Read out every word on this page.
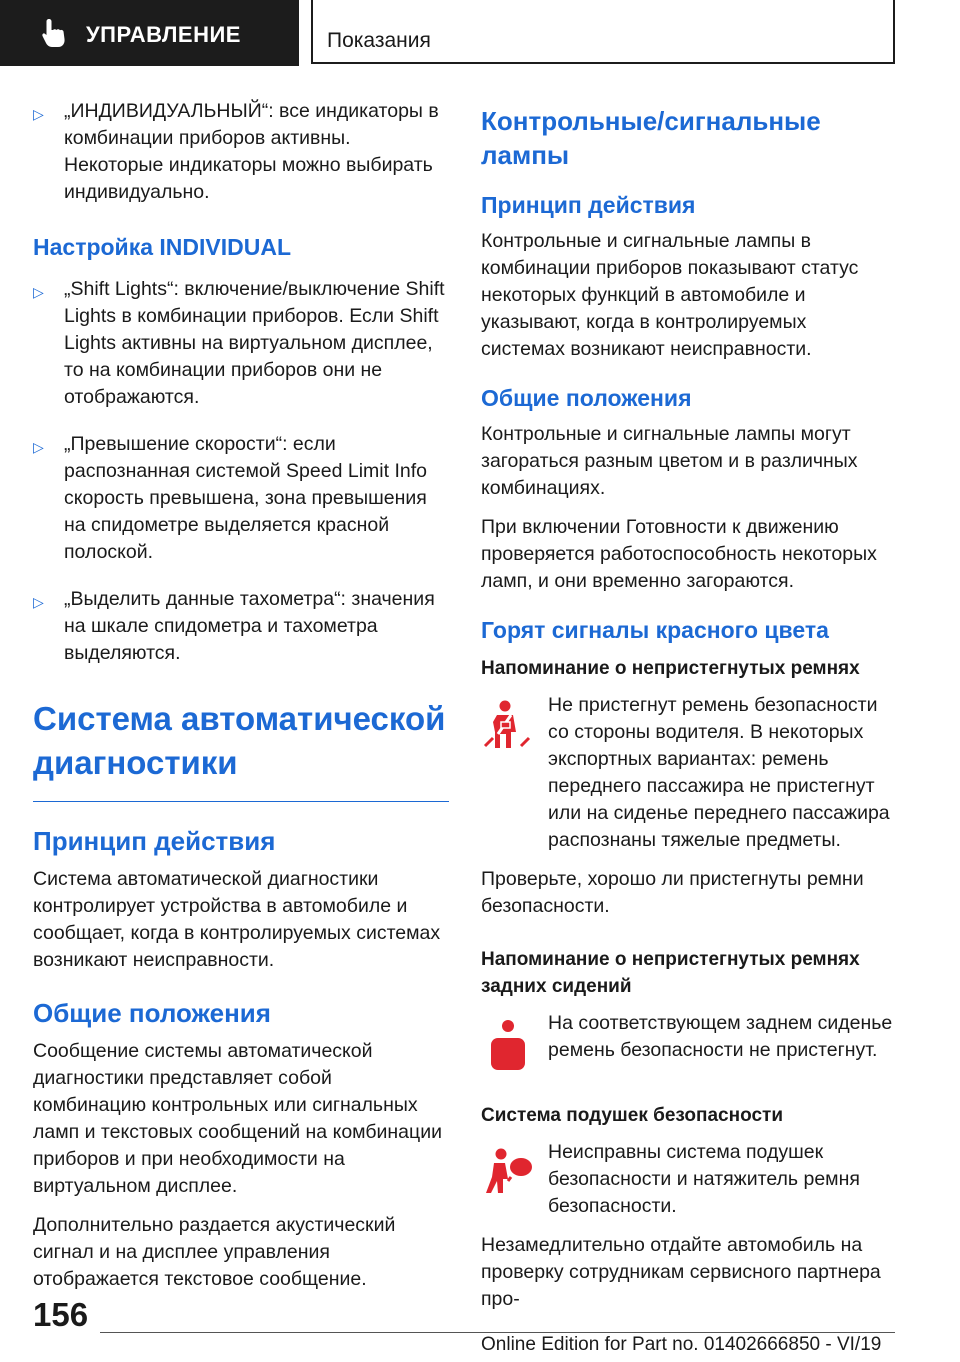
УПРАВЛЕНИЕ	Показания
▷ „ИНДИВИДУАЛЬНЫЙ“: все индикаторы в комбинации приборов активны. Некоторые индикаторы можно выбирать индивидуально.
Настройка INDIVIDUAL
▷ „Shift Lights“: включение/выключение Shift Lights в комбинации приборов. Если Shift Lights активны на виртуальном дисплее, то на комбинации приборов они не отображаются.
▷ „Превышение скорости“: если распознанная системой Speed Limit Info скорость превышена, зона превышения на спидометре выделяется красной полоской.
▷ „Выделить данные тахометра“: значения на шкале спидометра и тахометра выделяются.
Система автоматической диагностики
Принцип действия
Система автоматической диагностики контролирует устройства в автомобиле и сообщает, когда в контролируемых системах возникают неисправности.
Общие положения
Сообщение системы автоматической диагностики представляет собой комбинацию контрольных или сигнальных ламп и текстовых сообщений на комбинации приборов и при необходимости на виртуальном дисплее.
Дополнительно раздается акустический сигнал и на дисплее управления отображается текстовое сообщение.
Контрольные/сигнальные лампы
Принцип действия
Контрольные и сигнальные лампы в комбинации приборов показывают статус некоторых функций в автомобиле и указывают, когда в контролируемых системах возникают неисправности.
Общие положения
Контрольные и сигнальные лампы могут загораться разным цветом и в различных комбинациях.
При включении Готовности к движению проверяется работоспособность некоторых ламп, и они временно загораются.
Горят сигналы красного цвета
Напоминание о непристегнутых ремнях
Не пристегнут ремень безопасности со стороны водителя. В некоторых экспортных вариантах: ремень переднего пассажира не пристегнут или на сиденье переднего пассажира распознаны тяжелые предметы.
Проверьте, хорошо ли пристегнуты ремни безопасности.
Напоминание о непристегнутых ремнях задних сидений
На соответствующем заднем сиденье ремень безопасности не пристегнут.
Система подушек безопасности
Неисправны система подушек безопасности и натяжитель ремня безопасности.
Незамедлительно отдайте автомобиль на проверку сотрудникам сервисного партнера про-
156
Online Edition for Part no. 01402666850 - VI/19
